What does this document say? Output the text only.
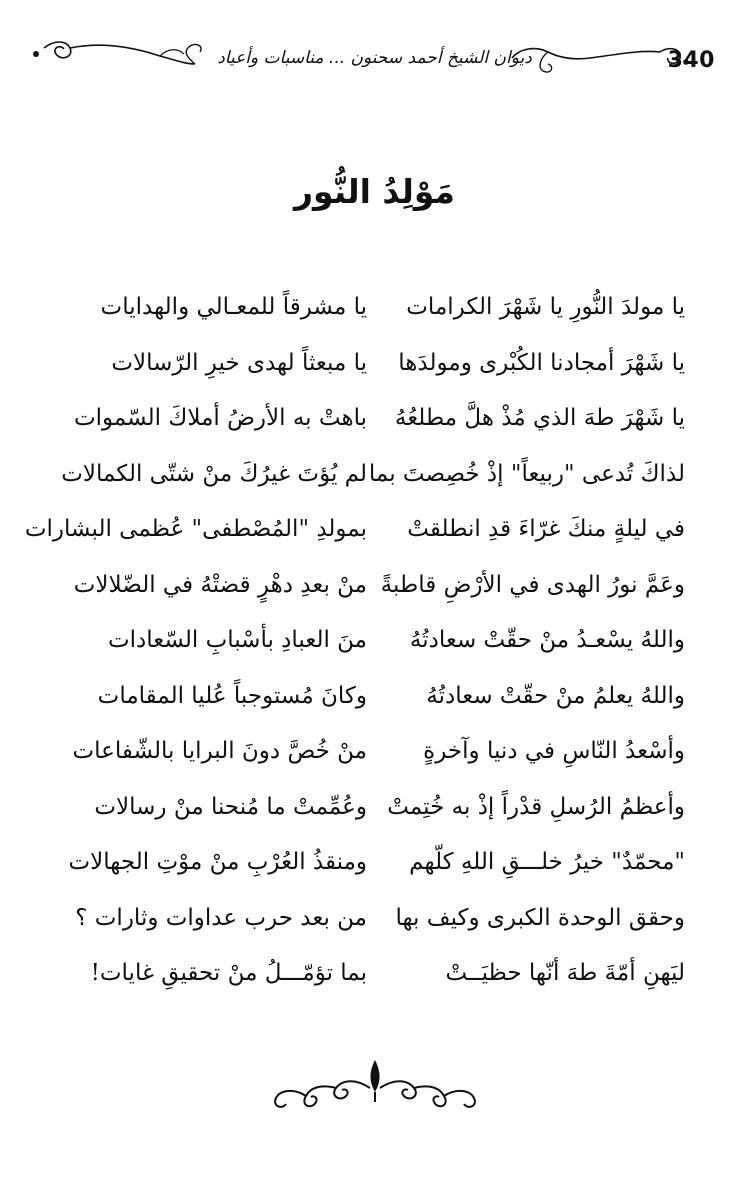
340
ديوان الشيخ أحمد سحنون ... مناسبات وأعياد
مَوْلِدُ النُّور
يا مولدَ النُّورِ يا شَهْرَ الكرامات
يا مشرقاً للمعـالي والهدايات
يا شَهْرَ أمجادنا الكُبْرى ومولدَها
يا مبعثاً لهدى خيرِ الرّسالات
يا شَهْرَ طهَ الذي مُذْ هلَّ مطلعُهُ
باهتْ به الأرضُ أملاكَ السّموات
لذاكَ تُدعى "ربيعاً" إذْ خُصِصتَ بما
لم يُؤتَ غيرُكَ منْ شتّى الكمالات
في ليلةٍ منكَ غرّاءَ قدِ انطلقتْ
بمولدِ "المُصْطفى" عُظمى البشارات
وعَمَّ نورُ الهدى في الأرْضِ قاطبةً
منْ بعدِ دهْرٍ قضتْهُ في الضّلالات
واللهُ يسْعـدُ منْ حقّتْ سعادتُهُ
منَ العبادِ بأسْبابِ السّعادات
واللهُ يعلمُ منْ حقّتْ سعادتُهُ
وكانَ مُستوجباً عُليا المقامات
وأسْعدُ النّاسِ في دنيا وآخرةٍ
منْ خُصَّ دونَ البرايا بالشّفاعات
وأعظمُ الرُسلِ قدْراً إذْ به خُتِمتْ
وعُمِّمتْ ما مُنحنا منْ رسالات
"محمّدٌ" خيرُ خلـــقِ اللهِ كلّهم
ومنقذُ العُرْبِ منْ موْتِ الجهالات
وحقق الوحدة الكبرى وكيف بها
من بعد حرب عداوات وثارات ؟
ليَهنِ أمّةَ طهَ أنّها حظيَــتْ
بما تؤمّـــلُ منْ تحقيقِ غايات!
